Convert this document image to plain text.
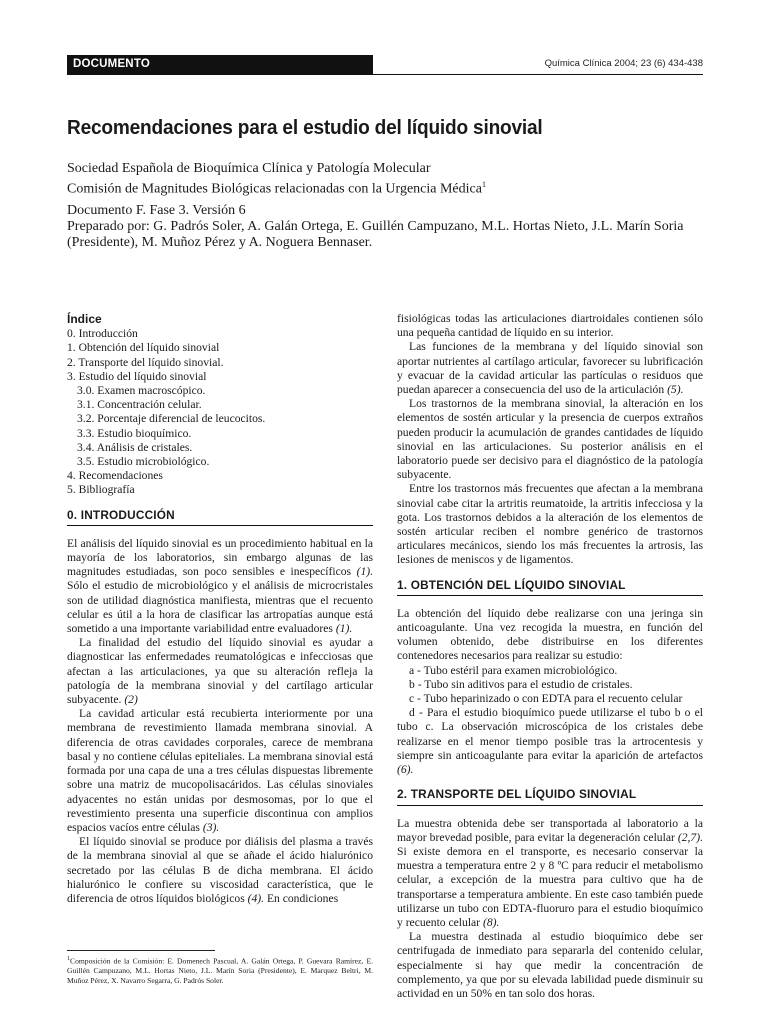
DOCUMENTO	Química Clínica 2004; 23 (6) 434-438
Recomendaciones para el estudio del líquido sinovial
Sociedad Española de Bioquímica Clínica y Patología Molecular
Comisión de Magnitudes Biológicas relacionadas con la Urgencia Médica$^1$
Documento F. Fase 3. Versión 6
Preparado por: G. Padrós Soler, A. Galán Ortega, E. Guillén Campuzano, M.L. Hortas Nieto, J.L. Marín Soria (Presidente), M. Muñoz Pérez y A. Noguera Bennaser.
Índice
0. Introducción
1. Obtención del líquido sinovial
2. Transporte del líquido sinovial.
3. Estudio del líquido sinovial
3.0. Examen macroscópico.
3.1. Concentración celular.
3.2. Porcentaje diferencial de leucocitos.
3.3. Estudio bioquímico.
3.4. Análisis de cristales.
3.5. Estudio microbiológico.
4. Recomendaciones
5. Bibliografía
0. INTRODUCCIÓN

El análisis del líquido sinovial es un procedimiento habitual en la mayoría de los laboratorios, sin embargo algunas de las magnitudes estudiadas, son poco sensibles e inespecíficos (1). Sólo el estudio de microbiológico y el análisis de microcristales son de utilidad diagnóstica manifiesta, mientras que el recuento celular es útil a la hora de clasificar las artropatías aunque está sometido a una importante variabilidad entre evaluadores (1).

La finalidad del estudio del líquido sinovial es ayudar a diagnosticar las enfermedades reumatológicas e infecciosas que afectan a las articulaciones, ya que su alteración refleja la patología de la membrana sinovial y del cartílago articular subyacente. (2)

La cavidad articular está recubierta interiormente por una membrana de revestimiento llamada membrana sinovial. A diferencia de otras cavidades corporales, carece de membrana basal y no contiene células epiteliales. La membrana sinovial está formada por una capa de una a tres células dispuestas libremente sobre una matriz de mucopolisacáridos. Las células sinoviales adyacentes no están unidas por desmosomas, por lo que el revestimiento presenta una superficie discontinua con amplios espacios vacíos entre células (3).

El líquido sinovial se produce por diálisis del plasma a través de la membrana sinovial al que se añade el ácido hialurónico secretado por las células B de dicha membrana. El ácido hialurónico le confiere su viscosidad característica, que le diferencia de otros líquidos biológicos (4). En condiciones

$^1$Composición de la Comisión: E. Domenech Pascual, A. Galán Ortega, P. Guevara Ramírez, E. Guillén Campuzano, M.L. Hortas Nieto, J.L. Marín Soria (Presidente), E. Marquez Beltri, M. Muñoz Pérez, X. Navarro Segarra, G. Padrós Soler.

fisiológicas todas las articulaciones diartroidales contienen sólo una pequeña cantidad de líquido en su interior.

Las funciones de la membrana y del líquido sinovial son aportar nutrientes al cartílago articular, favorecer su lubrificación y evacuar de la cavidad articular las partículas o residuos que puedan aparecer a consecuencia del uso de la articulación (5).

Los trastornos de la membrana sinovial, la alteración en los elementos de sostén articular y la presencia de cuerpos extraños pueden producir la acumulación de grandes cantidades de líquido sinovial en las articulaciones. Su posterior análisis en el laboratorio puede ser decisivo para el diagnóstico de la patología subyacente.

Entre los trastornos más frecuentes que afectan a la membrana sinovial cabe citar la artritis reumatoide, la artritis infecciosa y la gota. Los trastornos debidos a la alteración de los elementos de sostén articular reciben el nombre genérico de trastornos articulares mecánicos, siendo los más frecuentes la artrosis, las lesiones de meniscos y de ligamentos.

1. OBTENCIÓN DEL LÍQUIDO SINOVIAL

La obtención del líquido debe realizarse con una jeringa sin anticoagulante. Una vez recogida la muestra, en función del volumen obtenido, debe distribuirse en los diferentes contenedores necesarios para realizar su estudio:

a - Tubo estéril para examen microbiológico.

b - Tubo sin aditivos para el estudio de cristales.

c - Tubo heparinizado o con EDTA para el recuento celular

d - Para el estudio bioquímico puede utilizarse el tubo b o el tubo c. La observación microscópica de los cristales debe realizarse en el menor tiempo posible tras la artrocentesis y siempre sin anticoagulante para evitar la aparición de artefactos (6).

2. TRANSPORTE DEL LÍQUIDO SINOVIAL

La muestra obtenida debe ser transportada al laboratorio a la mayor brevedad posible, para evitar la degeneración celular (2,7). Si existe demora en el transporte, es necesario conservar la muestra a temperatura entre 2 y 8 ºC para reducir el metabolismo celular, a excepción de la muestra para cultivo que ha de transportarse a temperatura ambiente. En este caso también puede utilizarse un tubo con EDTA-fluoruro para el estudio bioquímico y recuento celular (8).

La muestra destinada al estudio bioquímico debe ser centrifugada de inmediato para separarla del contenido celular, especialmente si hay que medir la concentración de complemento, ya que por su elevada labilidad puede disminuir su actividad en un 50% en tan solo dos horas.
